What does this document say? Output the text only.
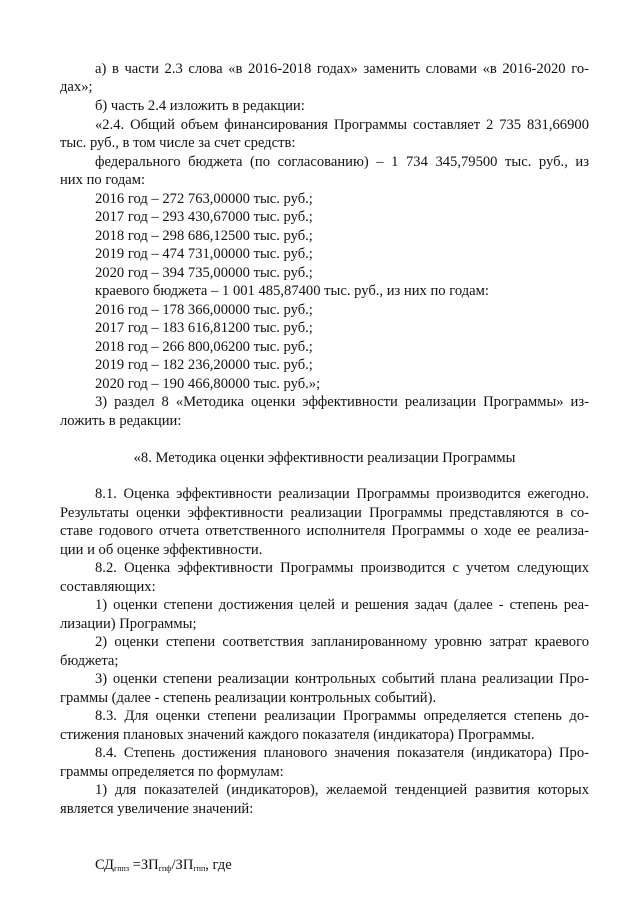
а) в части 2.3 слова «в 2016-2018 годах» заменить словами «в 2016-2020 го-

дах»;

б) часть 2.4 изложить в редакции:

«2.4. Общий объем финансирования Программы составляет 2 735 831,66900

тыс. руб., в том числе за счет средств:

федерального бюджета (по согласованию) – 1 734 345,79500 тыс. руб., из

них по годам:

2016 год – 272 763,00000 тыс. руб.;

2017 год – 293 430,67000 тыс. руб.;

2018 год – 298 686,12500 тыс. руб.;

2019 год – 474 731,00000 тыс. руб.;

2020 год – 394 735,00000 тыс. руб.;

краевого бюджета – 1 001 485,87400 тыс. руб., из них по годам:

2016 год – 178 366,00000 тыс. руб.;

2017 год – 183 616,81200 тыс. руб.;

2018 год – 266 800,06200 тыс. руб.;

2019 год – 182 236,20000 тыс. руб.;

2020 год – 190 466,80000 тыс. руб.»;

3) раздел 8 «Методика оценки эффективности реализации Программы» из-

ложить в редакции:

«8. Методика оценки эффективности реализации Программы

8.1. Оценка эффективности реализации Программы производится ежегодно.

Результаты оценки эффективности реализации Программы представляются в со-

ставе годового отчета ответственного исполнителя Программы о ходе ее реализа-

ции и об оценке эффективности.

8.2. Оценка эффективности Программы производится с учетом следующих

составляющих:

1) оценки степени достижения целей и решения задач (далее - степень реа-

лизации) Программы;

2) оценки степени соответствия запланированному уровню затрат краевого

бюджета;

3) оценки степени реализации контрольных событий плана реализации Про-

граммы (далее - степень реализации контрольных событий).

8.3. Для оценки степени реализации Программы определяется степень до-

стижения плановых значений каждого показателя (индикатора) Программы.

8.4. Степень достижения планового значения показателя (индикатора) Про-

граммы определяется по формулам:

1) для показателей (индикаторов), желаемой тенденцией развития которых

является увеличение значений:

$СД_{гппз} =ЗП_{гпф}/ЗП_{гпп}$, где
